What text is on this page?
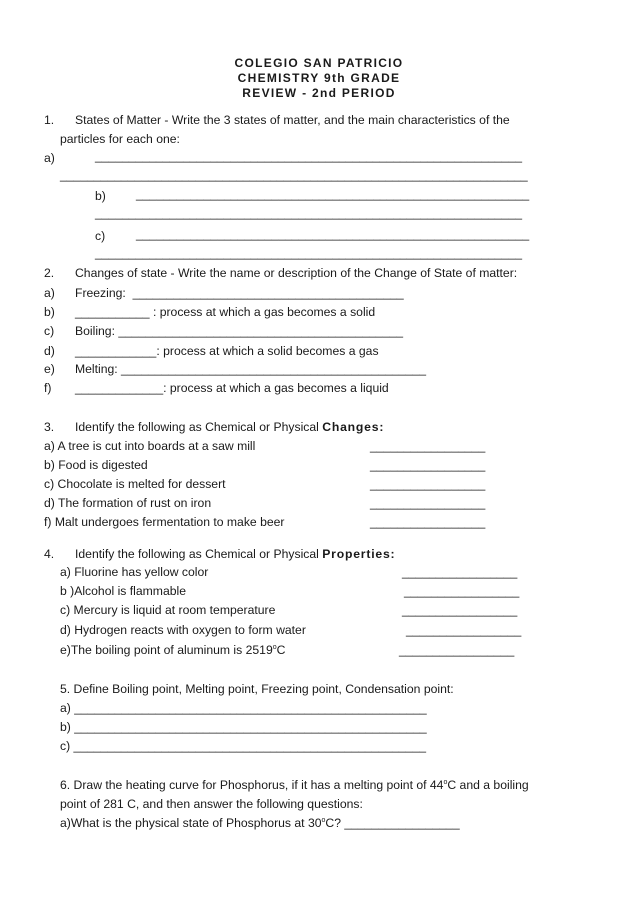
COLEGIO SAN PATRICIO
CHEMISTRY 9th GRADE
REVIEW - 2nd PERIOD
1. States of Matter - Write the 3 states of matter, and the main characteristics of the
particles for each one:
a)	_______________________________________________________________
_____________________________________________________________________
b) __________________________________________________________
_______________________________________________________________
c)	__________________________________________________________
_______________________________________________________________
2. Changes of state - Write the name or description of the Change of State of matter:
a) Freezing:  ________________________________________
b) ___________ : process at which a gas becomes a solid
c) Boiling: __________________________________________
d) ____________: process at which a solid becomes a gas
e) Melting: _____________________________________________
f) _____________: process at which a gas becomes a liquid
3. Identify the following as Chemical or Physical Changes:
a) A tree is cut into boards at a saw mill	_________________
b) Food is digested	_________________
c) Chocolate is melted for dessert	_________________
d) The formation of rust on iron	_________________
f) Malt undergoes fermentation to make beer	_________________
4. Identify the following as Chemical or Physical Properties:
a) Fluorine has yellow color	_________________
b )Alcohol is flammable	_________________
c) Mercury is liquid at room temperature	_________________
d) Hydrogen reacts with oxygen to form water	_________________
e)The boiling point of aluminum is 2519$^o$C	_________________
5. Define Boiling point, Melting point, Freezing point, Condensation point:
a) ____________________________________________________
b) ____________________________________________________
c) ____________________________________________________
6. Draw the heating curve for Phosphorus, if it has a melting point of 44$^o$C and a boiling
point of 281 C, and then answer the following questions:
a)What is the physical state of Phosphorus at 30$^o$C? _________________
